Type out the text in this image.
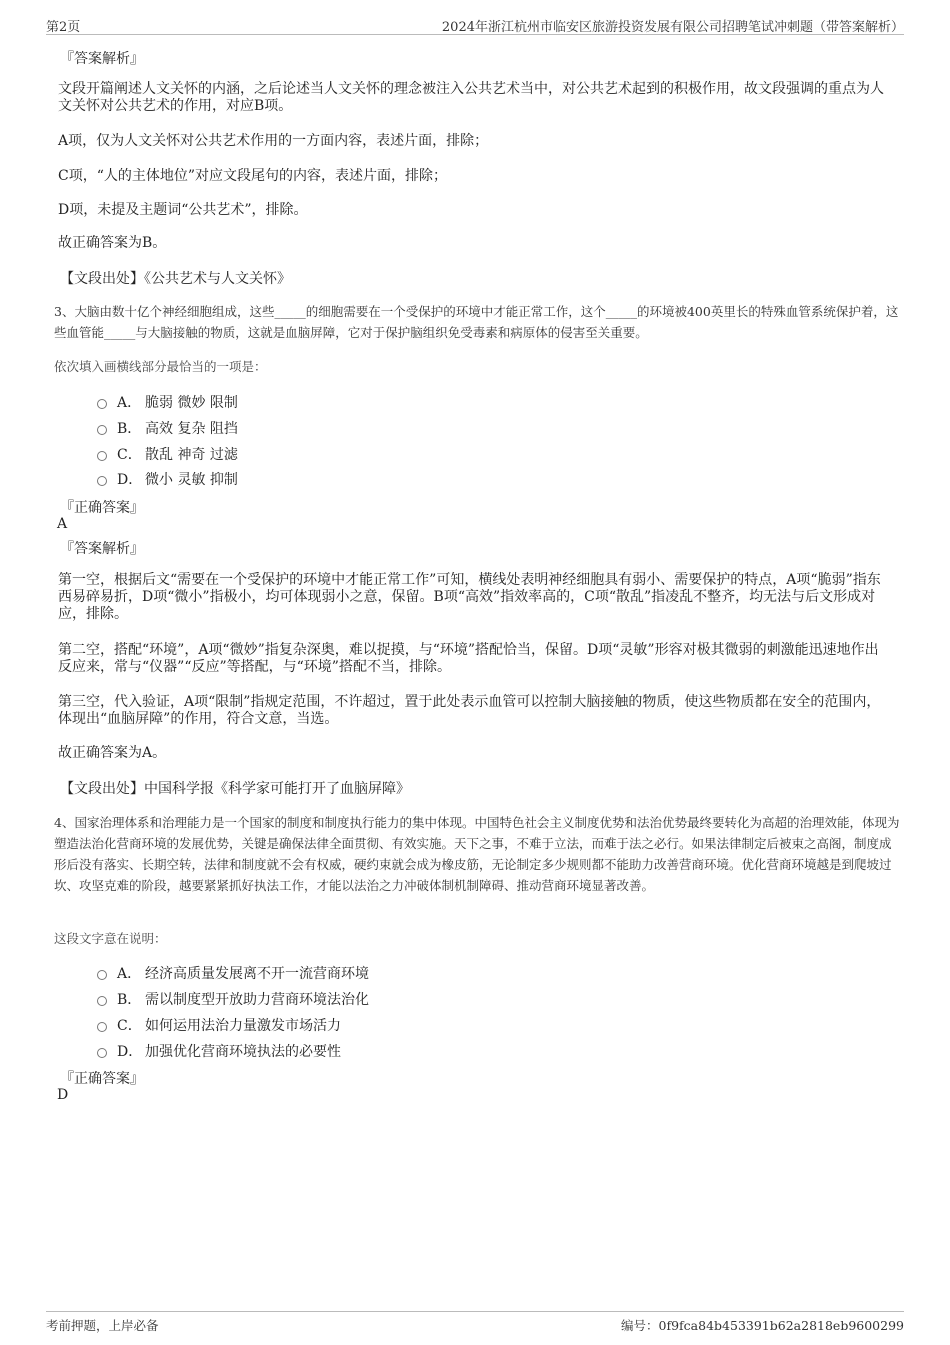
第2页	2024年浙江杭州市临安区旅游投资发展有限公司招聘笔试冲刺题（带答案解析）
『答案解析』

文段开篇阐述人文关怀的内涵，之后论述当人文关怀的理念被注入公共艺术当中，对公共艺术起到的积极作用，故文段强调的重点为人文关怀对公共艺术的作用，对应B项。

A项，仅为人文关怀对公共艺术作用的一方面内容，表述片面，排除；

C项，“人的主体地位”对应文段尾句的内容，表述片面，排除；

D项，未提及主题词“公共艺术”，排除。

故正确答案为B。

【文段出处】《公共艺术与人文关怀》

3、大脑由数十亿个神经细胞组成，这些_____的细胞需要在一个受保护的环境中才能正常工作，这个_____的环境被400英里长的特殊血管系统保护着，这些血管能_____与大脑接触的物质，这就是血脑屏障，它对于保护脑组织免受毒素和病原体的侵害至关重要。

依次填入画横线部分最恰当的一项是：
A． 脆弱 微妙 限制
B． 高效 复杂 阻挡
C． 散乱 神奇 过滤
D． 微小 灵敏 抑制
『正确答案』
A
『答案解析』

第一空，根据后文“需要在一个受保护的环境中才能正常工作”可知，横线处表明神经细胞具有弱小、需要保护的特点，A项“脆弱”指东西易碎易折，D项“微小”指极小，均可体现弱小之意，保留。B项“高效”指效率高的，C项“散乱”指凌乱不整齐，均无法与后文形成对应，排除。

第二空，搭配“环境”，A项“微妙”指复杂深奥，难以捉摸，与“环境”搭配恰当，保留。D项“灵敏”形容对极其微弱的刺激能迅速地作出反应来，常与“仪器”“反应”等搭配，与“环境”搭配不当，排除。

第三空，代入验证，A项“限制”指规定范围，不许超过，置于此处表示血管可以控制大脑接触的物质，使这些物质都在安全的范围内，体现出“血脑屏障”的作用，符合文意，当选。

故正确答案为A。

【文段出处】中国科学报《科学家可能打开了血脑屏障》

4、国家治理体系和治理能力是一个国家的制度和制度执行能力的集中体现。中国特色社会主义制度优势和法治优势最终要转化为高超的治理效能，体现为塑造法治化营商环境的发展优势，关键是确保法律全面贯彻、有效实施。天下之事，不难于立法，而难于法之必行。如果法律制定后被束之高阁，制度成形后没有落实、长期空转，法律和制度就不会有权威，硬约束就会成为橡皮筋，无论制定多少规则都不能助力改善营商环境。优化营商环境越是到爬坡过坎、攻坚克难的阶段，越要紧紧抓好执法工作，才能以法治之力冲破体制机制障碍、推动营商环境显著改善。

这段文字意在说明：
A． 经济高质量发展离不开一流营商环境
B． 需以制度型开放助力营商环境法治化
C． 如何运用法治力量激发市场活力
D． 加强优化营商环境执法的必要性
『正确答案』
D
考前押题，上岸必备	编号：0f9fca84b453391b62a2818eb9600299
